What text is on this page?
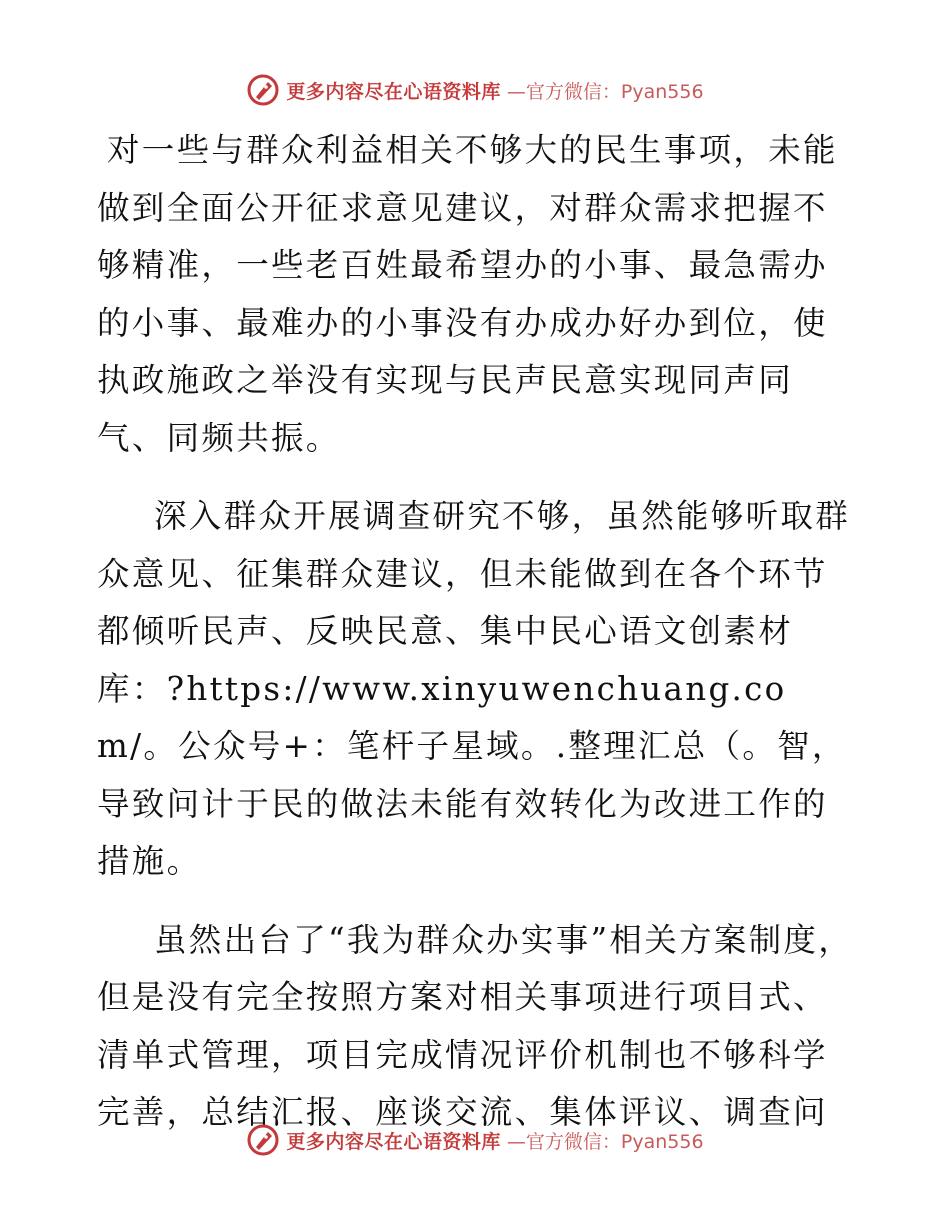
更多内容尽在心语资料库 —官方微信：Pyan556

对一些与群众利益相关不够大的民生事项，未能做到全面公开征求意见建议，对群众需求把握不够精准，一些老百姓最希望办的小事、最急需办的小事、最难办的小事没有办成办好办到位，使执政施政之举没有实现与民声民意实现同声同气、同频共振。

深入群众开展调查研究不够，虽然能够听取群众意见、征集群众建议，但未能做到在各个环节都倾听民声、反映民意、集中民心语文创素材库：?https://www.xinyuwenchuang.com/。公众号+：笔杆子星域。.整理汇总（。智，导致问计于民的做法未能有效转化为改进工作的措施。

虽然出台了“我为群众办实事”相关方案制度，但是没有完全按照方案对相关事项进行项目式、清单式管理，项目完成情况评价机制也不够科学完善，总结汇报、座谈交流、集体评议、调查问

更多内容尽在心语资料库 —官方微信：Pyan556
